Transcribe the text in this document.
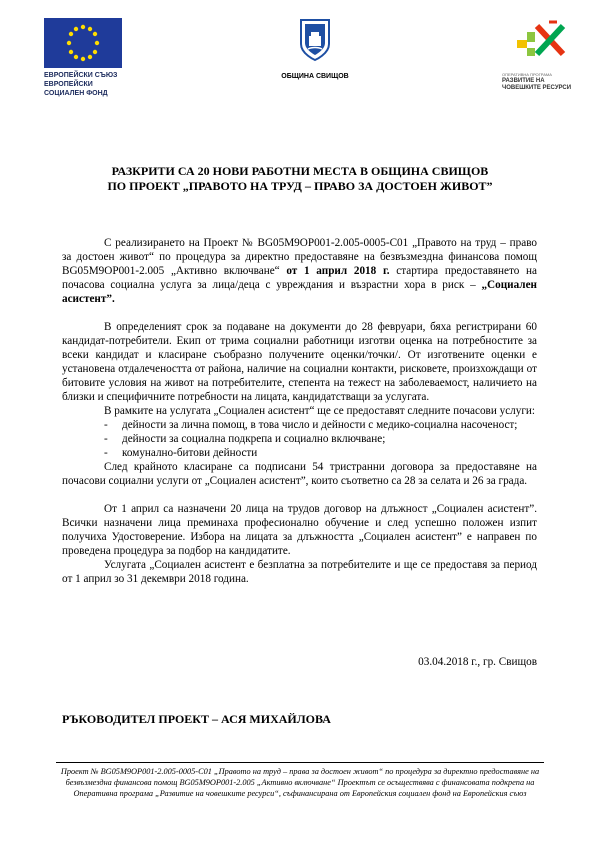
ЕВРОПЕЙСКИ СЪЮЗ
ЕВРОПЕЙСКИ
СОЦИАЛЕН ФОНД
ОБЩИНА СВИЩОВ	ОПЕРАТИВНА ПРОГРАМА
РАЗВИТИЕ НА
ЧОВЕШКИТЕ РЕСУРСИ
РАЗКРИТИ СА 20 НОВИ РАБОТНИ МЕСТА В ОБЩИНА СВИЩОВ
ПО ПРОЕКТ „ПРАВОТО НА ТРУД – ПРАВО ЗА ДОСТОЕН ЖИВОТ”

С реализирането на Проект № BG05M9OP001-2.005-0005-C01 „Правото на труд – право за достоен живот“ по процедура за директно предоставяне на безвъзмездна финансова помощ BG05M9OP001-2.005 „Активно включване“ от 1 април 2018 г. стартира предоставянето на почасова социална услуга за лица/деца с увреждания и възрастни хора в риск – „Социален асистент”.

В определеният срок за подаване на документи до 28 февруари, бяха регистрирани 60 кандидат-потребители. Екип от трима социални работници изготви оценка на потребностите за всеки кандидат и класиране съобразно получените оценки/точки/. От изготвените оценки е установена отдалечеността от района, наличие на социални контакти, рисковете, произхождащи от битовите условия на живот на потребителите, степента на тежест на заболеваемост, наличието на близки и специфичните потребности на лицата, кандидатстващи за услугата.

В рамките на услугата „Социален асистент“ ще се предоставят следните почасови услуги:

- дейности за лична помощ, в това число и дейности с медико-социална насоченост;
- дейности за социална подкрепа и социално включване;
- комунално-битови дейности

След крайното класиране са подписани 54 тристранни договора за предоставяне на почасови социални услуги от „Социален асистент”, които съответно са 28 за селата и 26 за града.

От 1 април са назначени 20 лица на трудов договор на длъжност „Социален асистент”. Всички назначени лица преминаха професионално обучение и след успешно положен изпит получиха Удостоверение. Избора на лицата за длъжността „Социален асистент” е направен по проведена процедура за подбор на кандидатите.

Услугата „Социален асистент е безплатна за потребителите и ще се предоставя за период от 1 април зо 31 декември 2018 година.

03.04.2018 г., гр. Свищов
РЪКОВОДИТЕЛ ПРОЕКТ – АСЯ МИХАЙЛОВА
Проект № BG05M9OP001-2.005-0005-C01 „Правото на труд – права за достоен живот“ по процедура за директно предоставяне на безвъзмездна финансова помощ BG05M9OP001-2.005 „Активно включване“ Проектът се осъществява с финансовата подкрепа на Оперативна програма „Развитие на човешките ресурси“, съфинансирана от Европейския социален фонд на Европейския съюз
